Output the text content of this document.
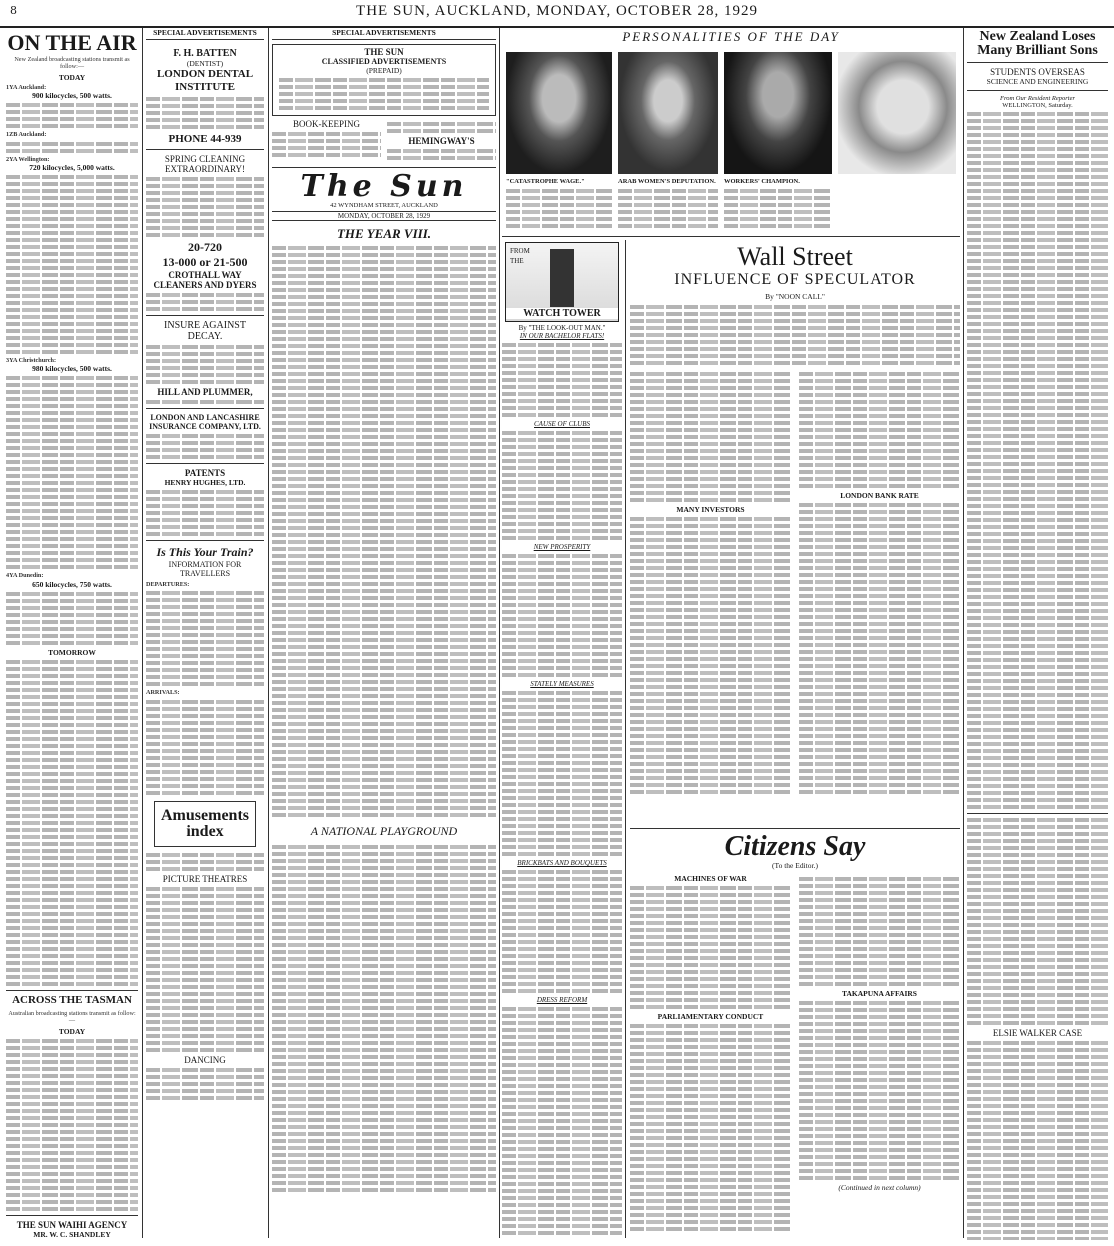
8	THE SUN, AUCKLAND, MONDAY, OCTOBER 28, 1929
ON THE AIR
New Zealand broadcasting stations transmit as follow:—
TODAY
1YA Auckland:
900 kilocycles, 500 watts.
1ZB Auckland:
2YA Wellington:
720 kilocycles, 5,000 watts.
3YA Christchurch:
980 kilocycles, 500 watts.
4YA Dunedin:
650 kilocycles, 750 watts.
TOMORROW
ACROSS THE TASMAN
Australian broadcasting stations transmit as follow:—
TODAY
THE SUN WAIHI AGENCY
MR. W. C. SHANDLEY
SPECIAL ADVERTISEMENTS
F. H. BATTEN
(DENTIST)
LONDON DENTAL INSTITUTE
PHONE 44-939
SPRING CLEANING
EXTRAORDINARY!
20-720
13-000 or 21-500
CROTHALL WAY CLEANERS AND DYERS
INSURE AGAINST
DECAY.
HILL AND PLUMMER,
LONDON AND LANCASHIRE INSURANCE COMPANY, LTD.
PATENTS
HENRY HUGHES, LTD.
Is This Your Train?
INFORMATION FOR TRAVELLERS
DEPARTURES:
ARRIVALS:
Amusements
index
PICTURE THEATRES
DANCING
SPECIAL ADVERTISEMENTS
THE SUN
CLASSIFIED ADVERTISEMENTS
(PREPAID)
BOOK-KEEPING
HEMINGWAY'S
The Sun
42 WYNDHAM STREET, AUCKLAND
MONDAY, OCTOBER 28, 1929
THE YEAR VIII.
A NATIONAL PLAYGROUND
PERSONALITIES OF THE DAY
"CATASTROPHE WAGE."	ARAB WOMEN'S DEPUTATION.	WORKERS' CHAMPION.
FROM
THE
WATCH TOWER
By "THE LOOK-OUT MAN."
IN OUR BACHELOR FLATS!
CAUSE OF CLUBS
NEW PROSPERITY
STATELY MEASURES
BRICKBATS AND BOUQUETS
DRESS REFORM
Wall Street
INFLUENCE OF SPECULATOR
By "NOON CALL"
MANY INVESTORS
LONDON BANK RATE
Citizens Say
(To the Editor.)
MACHINES OF WAR
PARLIAMENTARY CONDUCT
TAKAPUNA AFFAIRS
(Continued in next column)
New Zealand Loses
Many Brilliant Sons
STUDENTS OVERSEAS
SCIENCE AND ENGINEERING
From Our Resident Reporter
WELLINGTON, Saturday.
ELSIE WALKER CASE
